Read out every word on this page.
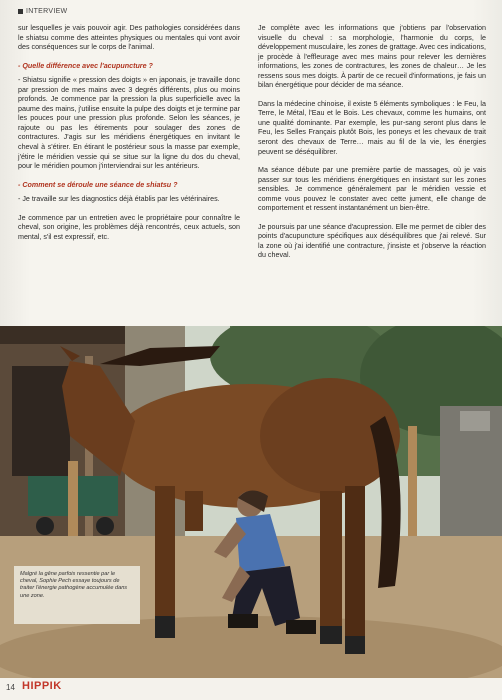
INTERVIEW

sur lesquelles je vais pouvoir agir. Des pathologies considérées dans le shiatsu comme des atteintes physiques ou mentales qui vont avoir des conséquences sur le corps de l'animal.

- Quelle différence avec l'acupuncture ?

- Shiatsu signifie « pression des doigts » en japonais, je travaille donc par pression de mes mains avec 3 degrés différents, plus ou moins profonds. Je commence par la pression la plus superficielle avec la paume des mains, j'utilise ensuite la pulpe des doigts et je termine par les pouces pour une pression plus profonde. Selon les séances, je rajoute ou pas les étirements pour soulager des zones de contractures. J'agis sur les méridiens énergétiques en invitant le cheval à s'étirer. En étirant le postérieur sous la masse par exemple, j'étire le méridien vessie qui se situe sur la ligne du dos du cheval, pour le méridien poumon j'interviendrai sur les antérieurs.

- Comment se déroule une séance de shiatsu ?

- Je travaille sur les diagnostics déjà établis par les vétérinaires.

Je commence par un entretien avec le propriétaire pour connaître le cheval, son origine, les problèmes déjà rencontrés, ceux actuels, son mental, s'il est expressif, etc.

Je complète avec les informations que j'obtiens par l'observation visuelle du cheval : sa morphologie, l'harmonie du corps, le développement musculaire, les zones de grattage. Avec ces indications, je procède à l'effleurage avec mes mains pour relever les dernières informations, les zones de contractures, les zones de chaleur… Je les ressens sous mes doigts. À partir de ce recueil d'informations, je fais un bilan énergétique pour décider de ma séance.

Dans la médecine chinoise, il existe 5 éléments symboliques : le Feu, la Terre, le Métal, l'Eau et le Bois. Les chevaux, comme les humains, ont une qualité dominante. Par exemple, les pur-sang seront plus dans le Feu, les Selles Français plutôt Bois, les poneys et les chevaux de trait seront des chevaux de Terre… mais au fil de la vie, les énergies peuvent se déséquilibrer.

Ma séance débute par une première partie de massages, où je vais passer sur tous les méridiens énergétiques en insistant sur les zones sensibles. Je commence généralement par le méridien vessie et comme vous pouvez le constater avec cette jument, elle change de comportement et ressent instantanément un bien-être.

Je poursuis par une séance d'acupression. Elle me permet de cibler des points d'acupuncture spécifiques aux déséquilibres que j'ai relevé. Sur la zone où j'ai identifié une contracture, j'insiste et j'observe la réaction du cheval.

Malgré la gêne parfois ressentie par le cheval, Sophie Pech essaye toujours de traiter l'énergie pathogène accumulée dans une zone.
14 HIPPIK
